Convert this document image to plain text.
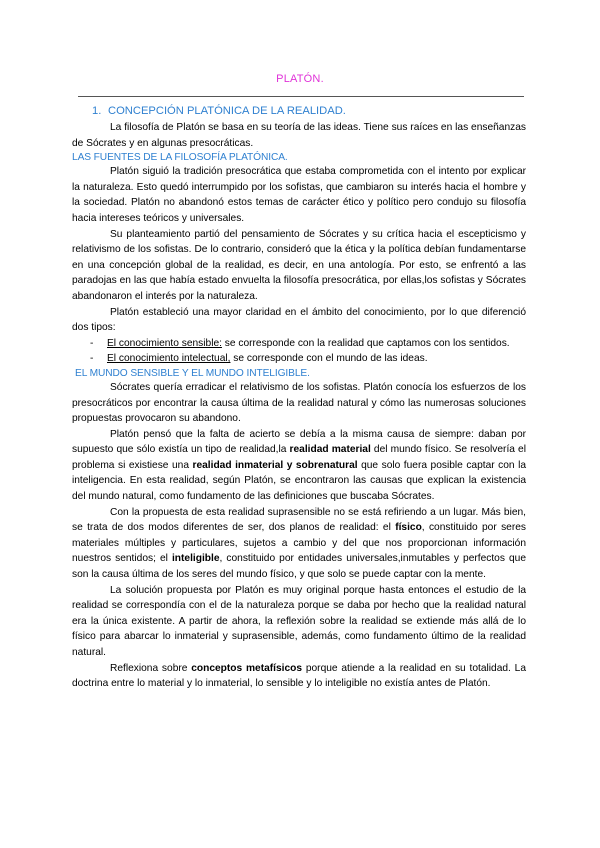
PLATÓN.
1. CONCEPCIÓN PLATÓNICA DE LA REALIDAD.

La filosofía de Platón se basa en su teoría de las ideas. Tiene sus raíces en las enseñanzas de Sócrates y en algunas presocráticas.

LAS FUENTES DE LA FILOSOFÍA PLATÓNICA.

Platón siguió la tradición presocrática que estaba comprometida con el intento por explicar la naturaleza. Esto quedó interrumpido por los sofistas, que cambiaron su interés hacia el hombre y la sociedad. Platón no abandonó estos temas de carácter ético y político pero condujo su filosofía hacia intereses teóricos y universales.

Su planteamiento partió del pensamiento de Sócrates y su crítica hacia el escepticismo y relativismo de los sofistas. De lo contrario, consideró que la ética y la política debían fundamentarse en una concepción global de la realidad, es decir, en una antología. Por esto, se enfrentó a las paradojas en las que había estado envuelta la filosofía presocrática, por ellas,los sofistas y Sócrates abandonaron el interés por la naturaleza.

Platón estableció una mayor claridad en el ámbito del conocimiento, por lo que diferenció dos tipos:

- El conocimiento sensible: se corresponde con la realidad que captamos con los sentidos.
- El conocimiento intelectual, se corresponde con el mundo de las ideas.
EL MUNDO SENSIBLE Y EL MUNDO INTELIGIBLE.

Sócrates quería erradicar el relativismo de los sofistas. Platón conocía los esfuerzos de los presocráticos por encontrar la causa última de la realidad natural y cómo las numerosas soluciones propuestas provocaron su abandono.

Platón pensó que la falta de acierto se debía a la misma causa de siempre: daban por supuesto que sólo existía un tipo de realidad,la realidad material del mundo físico. Se resolvería el problema si existiese una realidad inmaterial y sobrenatural que solo fuera posible captar con la inteligencia. En esta realidad, según Platón, se encontraron las causas que explican la existencia del mundo natural, como fundamento de las definiciones que buscaba Sócrates.

Con la propuesta de esta realidad suprasensible no se está refiriendo a un lugar. Más bien, se trata de dos modos diferentes de ser, dos planos de realidad: el físico, constituido por seres materiales múltiples y particulares, sujetos a cambio y del que nos proporcionan información nuestros sentidos; el inteligible, constituido por entidades universales,inmutables y perfectos que son la causa última de los seres del mundo físico, y que solo se puede captar con la mente.

La solución propuesta por Platón es muy original porque hasta entonces el estudio de la realidad se correspondía con el de la naturaleza porque se daba por hecho que la realidad natural era la única existente. A partir de ahora, la reflexión sobre la realidad se extiende más allá de lo físico para abarcar lo inmaterial y suprasensible, además, como fundamento último de la realidad natural.

Reflexiona sobre conceptos metafísicos porque atiende a la realidad en su totalidad. La doctrina entre lo material y lo inmaterial, lo sensible y lo inteligible no existía antes de Platón.
